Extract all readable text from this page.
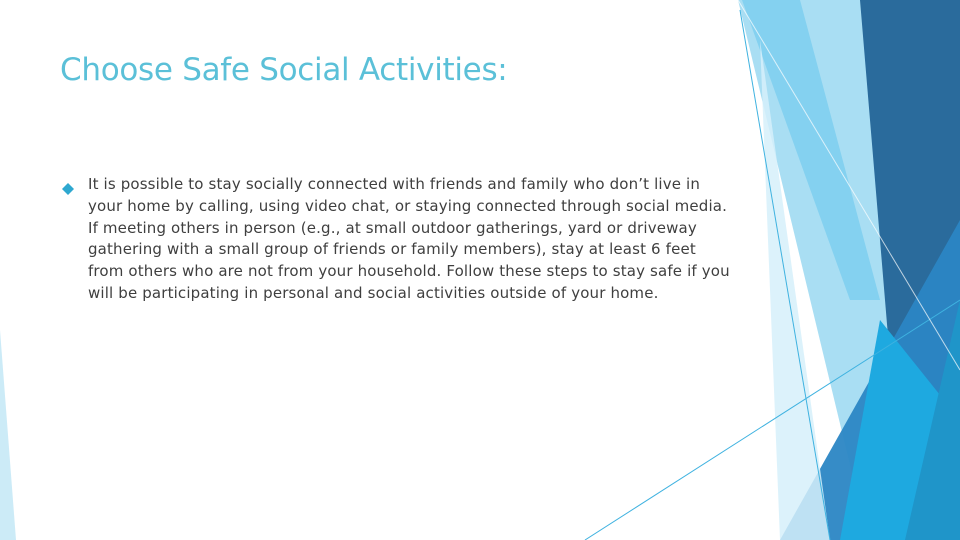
Choose Safe Social Activities:

It is possible to stay socially connected with friends and family who don’t live in your home by calling, using video chat, or staying connected through social media. If meeting others in person (e.g., at small outdoor gatherings, yard or driveway gathering with a small group of friends or family members), stay at least 6 feet from others who are not from your household. Follow these steps to stay safe if you will be participating in personal and social activities outside of your home.
